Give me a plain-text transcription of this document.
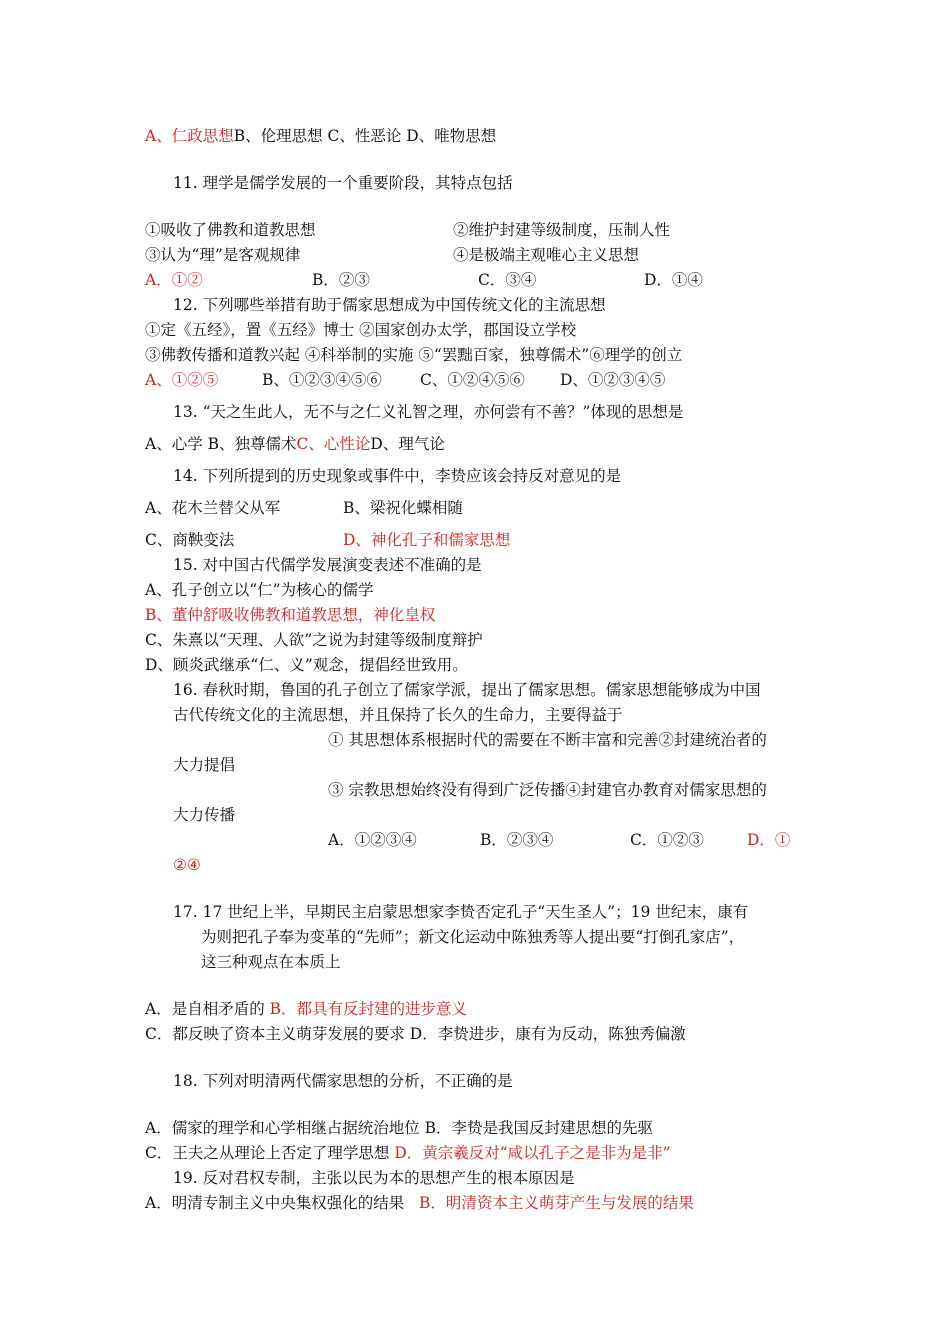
A、仁政思想B、伦理思想 C、性恶论 D、唯物思想
11. 理学是儒学发展的一个重要阶段，其特点包括
①吸收了佛教和道教思想	②维护封建等级制度，压制人性
③认为“理”是客观规律	④是极端主观唯心主义思想
A．①②	B．②③	C．③④	D．①④
12. 下列哪些举措有助于儒家思想成为中国传统文化的主流思想
①定《五经》，置《五经》博士 ②国家创办太学，郡国设立学校
③佛教传播和道教兴起 ④科举制的实施 ⑤“罢黜百家，独尊儒术”⑥理学的创立
A、①②⑤	B、①②③④⑤⑥ C、①②④⑤⑥ D、①②③④⑤
13. “天之生此人，无不与之仁义礼智之理，亦何尝有不善？”体现的思想是
A、心学 B、独尊儒术C、心性论D、理气论
14. 下列所提到的历史现象或事件中，李贽应该会持反对意见的是
A、花木兰替父从军	B、梁祝化蝶相随
C、商鞅变法	D、神化孔子和儒家思想
15. 对中国古代儒学发展演变表述不准确的是
A、孔子创立以“仁”为核心的儒学
B、董仲舒吸收佛教和道教思想，神化皇权
C、朱熹以“天理、人欲”之说为封建等级制度辩护
D、顾炎武继承“仁、义”观念，提倡经世致用。
16. 春秋时期，鲁国的孔子创立了儒家学派，提出了儒家思想。儒家思想能够成为中国
古代传统文化的主流思想，并且保持了长久的生命力，主要得益于
① 其思想体系根据时代的需要在不断丰富和完善②封建统治者的
大力提倡
③ 宗教思想始终没有得到广泛传播④封建官办教育对儒家思想的
大力传播
A．①②③④	B．②③④	C．①②③	D．①
②④
17. 17 世纪上半，早期民主启蒙思想家李贽否定孔子“天生圣人”；19 世纪末，康有
为则把孔子奉为变革的“先师”；新文化运动中陈独秀等人提出要“打倒孔家店”，
这三种观点在本质上
A．是自相矛盾的 B．都具有反封建的进步意义
C．都反映了资本主义萌芽发展的要求 D．李贽进步，康有为反动，陈独秀偏激
18. 下列对明清两代儒家思想的分析，不正确的是
A．儒家的理学和心学相继占据统治地位 B．李贽是我国反封建思想的先驱
C．王夫之从理论上否定了理学思想 D．黄宗羲反对“咸以孔子之是非为是非”
19. 反对君权专制，主张以民为本的思想产生的根本原因是
A．明清专制主义中央集权强化的结果 B．明清资本主义萌芽产生与发展的结果
